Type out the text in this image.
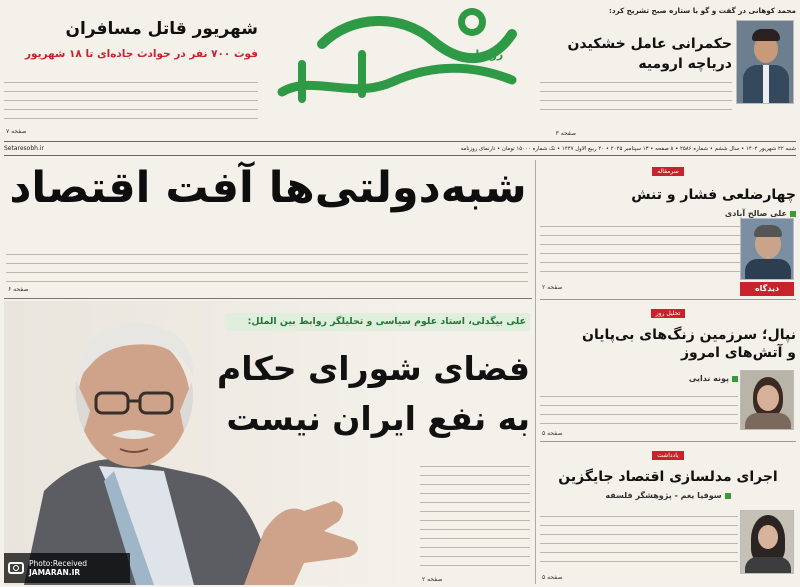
روزنامه
شنبه ۲۲ شهریور ۱۴۰۴ • سال ششم • شماره ۲۵۸۶ • ۸ صفحه • ۱۳ سپتامبر ۲۰۲۵ • ۲۰ ربیع الاول ۱۴۴۷ • تک شماره ۱۵۰۰۰ تومان • تارنمای روزنامه
Setaresobh.ir
محمد کوهانی در گفت و گو با ستاره صبح تشریح کرد:
حکمرانی عامل خشکیدن
دریاچه ارومیه
صفحه ۳
شهریور قاتل مسافران
فوت ۷۰۰ نفر در حوادث جاده‌ای تا ۱۸ شهریور
صفحه ۷
شبه‌دولتی‌ها آفت اقتصاد
صفحه ۶
علی بیگدلی، استاد علوم سیاسی و تحلیلگر روابط بین الملل:
فضای شورای حکام
به نفع ایران نیست
صفحه ۲
Photo:Received
JAMARAN.IR
سرمقاله
چهارضلعی فشار و تنش
علی صالح آبادی
دیدگاه
صفحه ۲
تحلیل روز
نپال؛ سرزمین زنگ‌های بی‌پایان
و آتش‌های امروز
پونه ندایی
صفحه ۵
یادداشت
اجرای مدلسازی اقتصاد جایگزین
سوفیا یغم - پژوهشگر فلسفه
صفحه ۵
